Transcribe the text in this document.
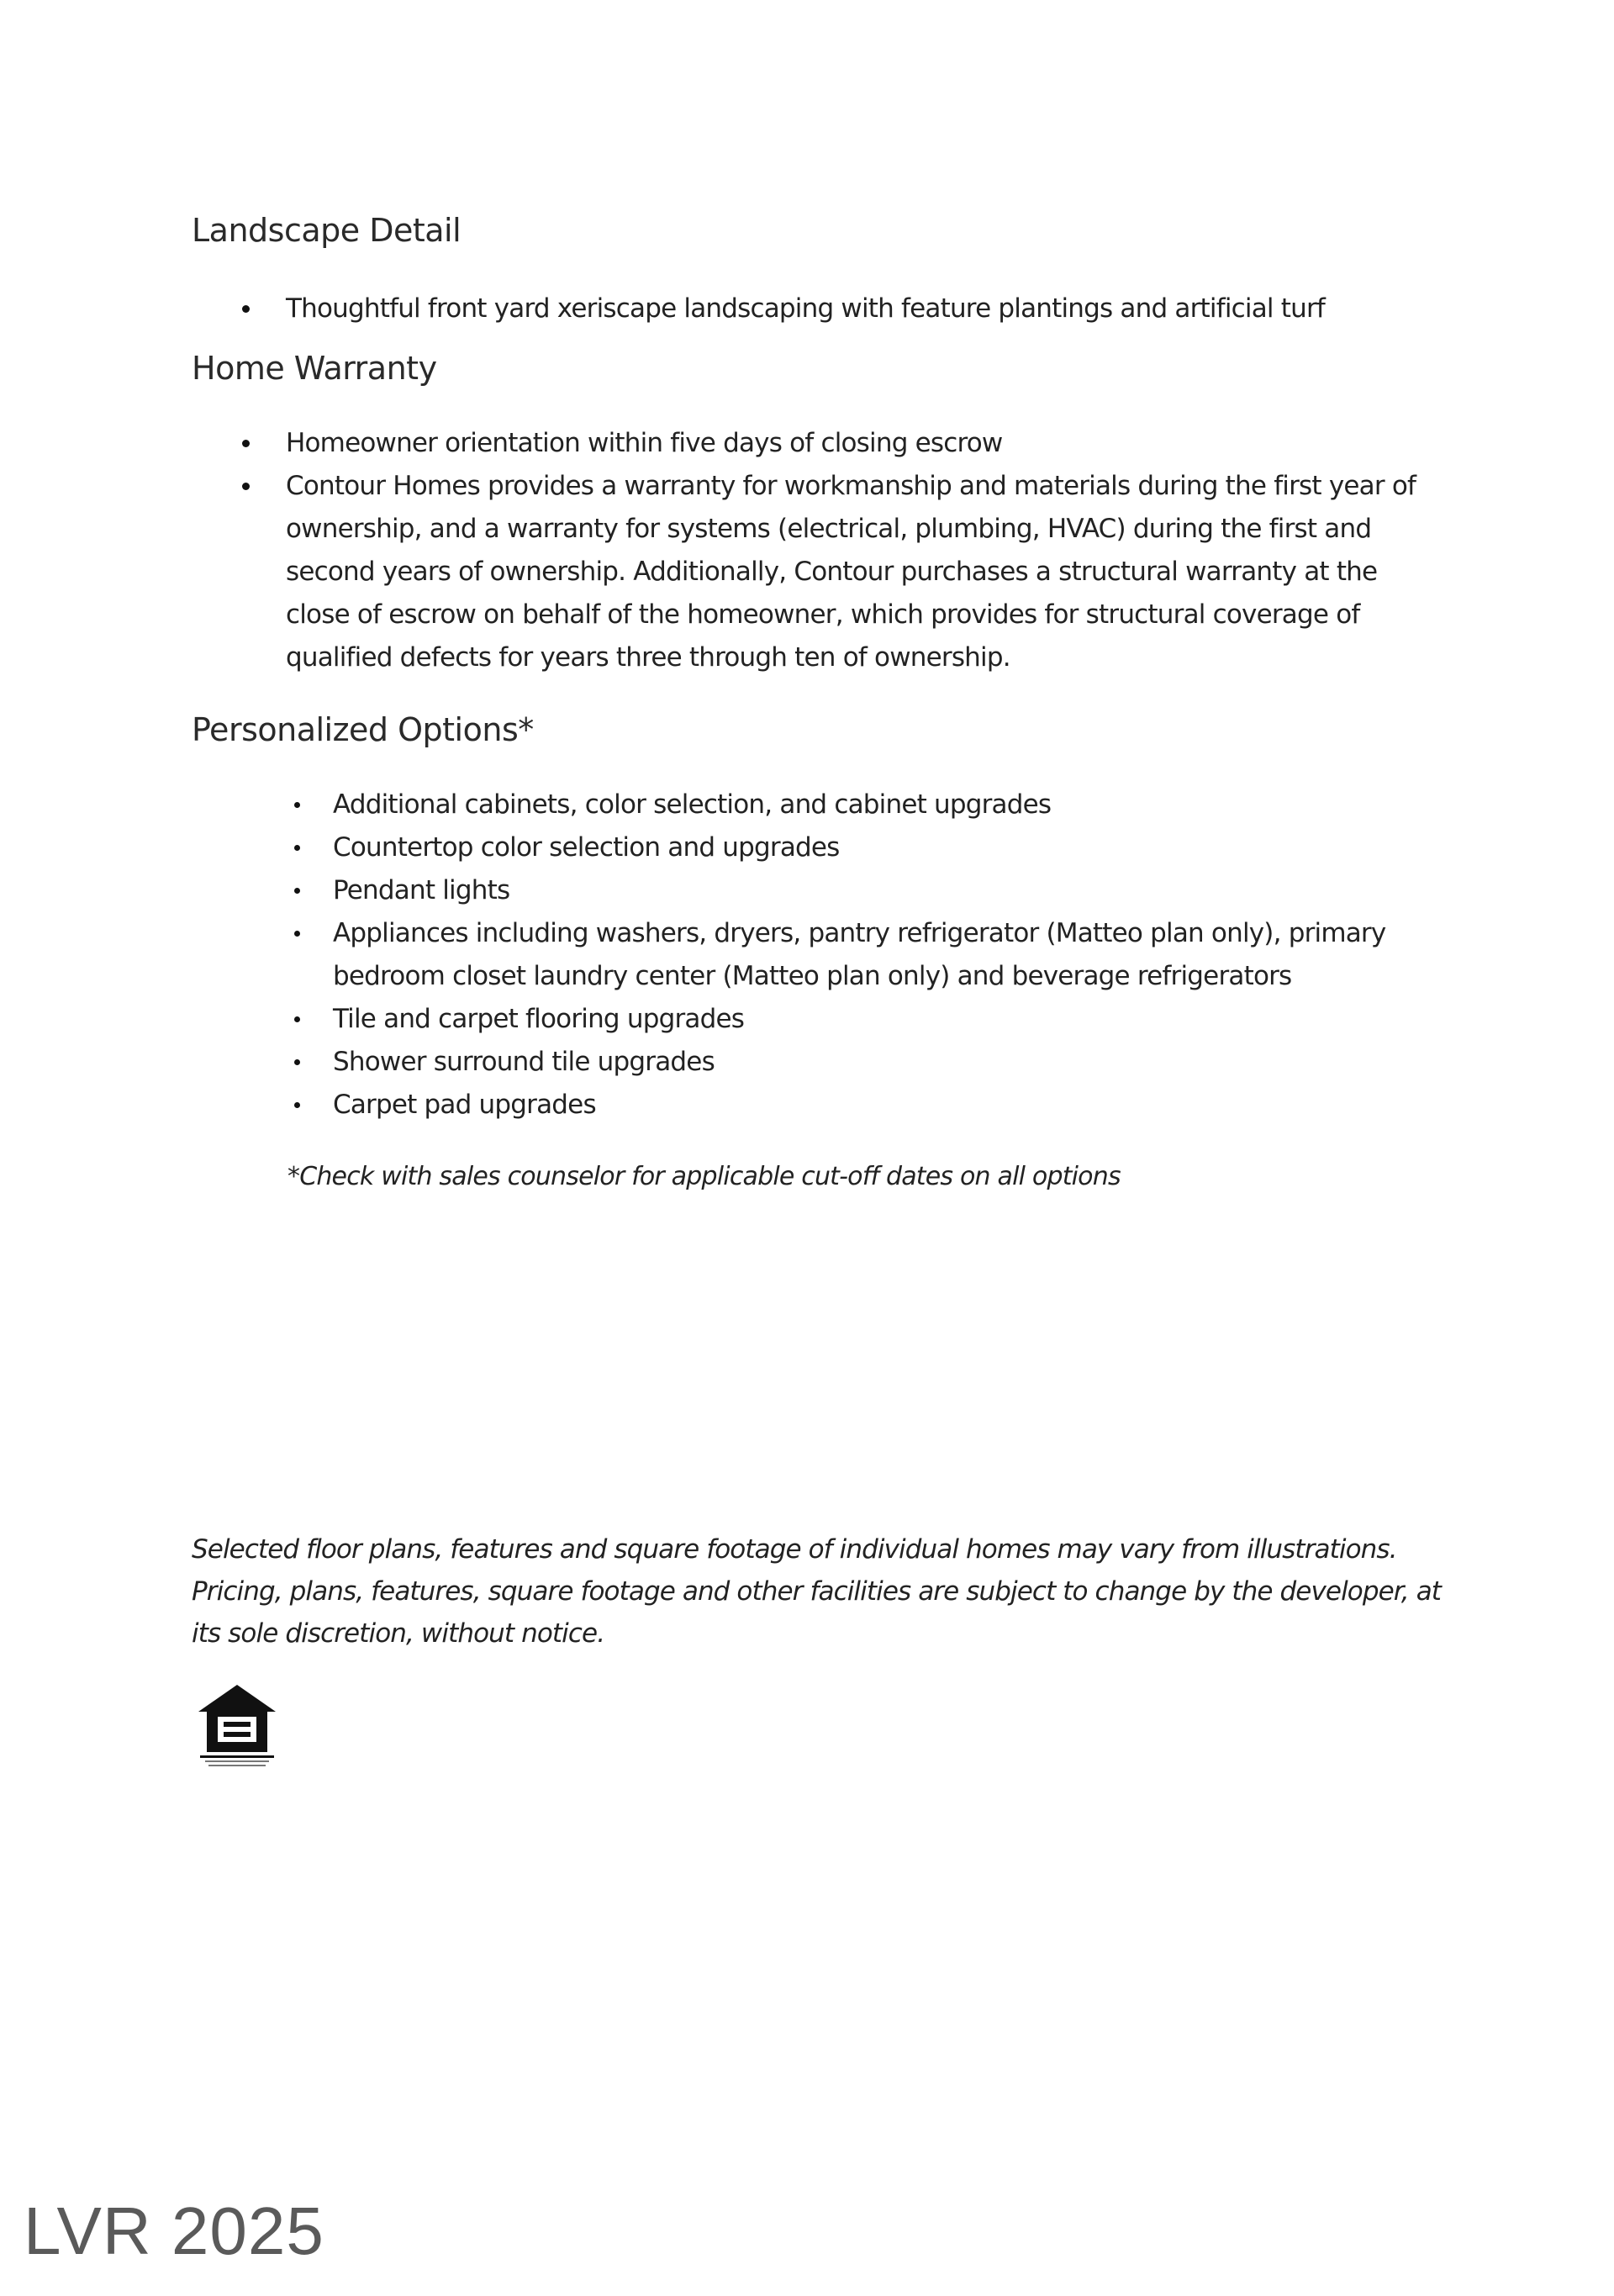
Landscape Detail
Thoughtful front yard xeriscape landscaping with feature plantings and artificial turf
Home Warranty
Homeowner orientation within five days of closing escrow
Contour Homes provides a warranty for workmanship and materials during the first year of ownership, and a warranty for systems (electrical, plumbing, HVAC) during the first and second years of ownership. Additionally, Contour purchases a structural warranty at the close of escrow on behalf of the homeowner, which provides for structural coverage of qualified defects for years three through ten of ownership.
Personalized Options*
Additional cabinets, color selection, and cabinet upgrades
Countertop color selection and upgrades
Pendant lights
Appliances including washers, dryers, pantry refrigerator (Matteo plan only), primary bedroom closet laundry center (Matteo plan only) and beverage refrigerators
Tile and carpet flooring upgrades
Shower surround tile upgrades
Carpet pad upgrades

*Check with sales counselor for applicable cut-off dates on all options

Selected floor plans, features and square footage of individual homes may vary from illustrations. Pricing, plans, features, square footage and other facilities are subject to change by the developer, at its sole discretion, without notice.

LVR 2025
